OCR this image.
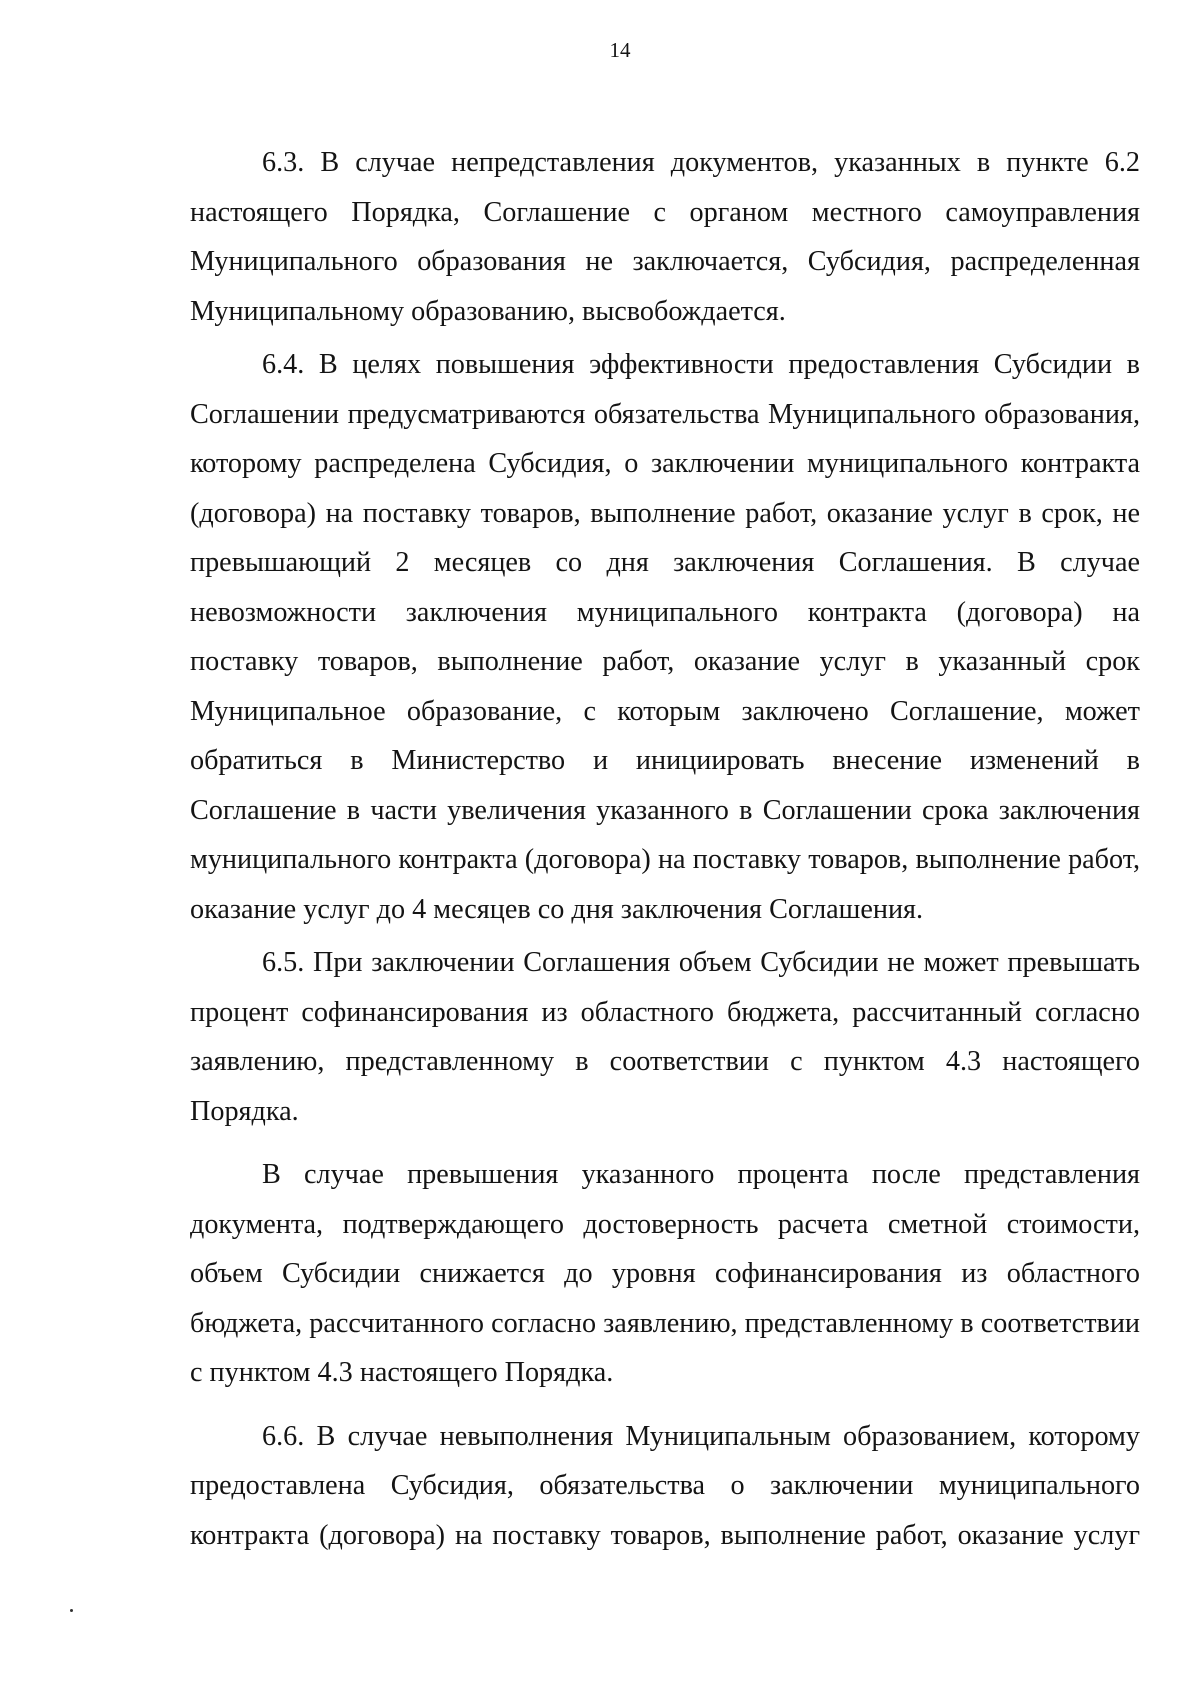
14

6.3. В случае непредставления документов, указанных в пункте 6.2 настоящего Порядка, Соглашение с органом местного самоуправления Муниципального образования не заключается, Субсидия, распределенная Муниципальному образованию, высвобождается.

6.4. В целях повышения эффективности предоставления Субсидии в Соглашении предусматриваются обязательства Муниципального образования, которому распределена Субсидия, о заключении муниципального контракта (договора) на поставку товаров, выполнение работ, оказание услуг в срок, не превышающий 2 месяцев со дня заключения Соглашения. В случае невозможности заключения муниципального контракта (договора) на поставку товаров, выполнение работ, оказание услуг в указанный срок Муниципальное образование, с которым заключено Соглашение, может обратиться в Министерство и инициировать внесение изменений в Соглашение в части увеличения указанного в Соглашении срока заключения муниципального контракта (договора) на поставку товаров, выполнение работ, оказание услуг до 4 месяцев со дня заключения Соглашения.

6.5. При заключении Соглашения объем Субсидии не может превышать процент софинансирования из областного бюджета, рассчитанный согласно заявлению, представленному в соответствии с пунктом 4.3 настоящего Порядка.

В случае превышения указанного процента после представления документа, подтверждающего достоверность расчета сметной стоимости, объем Субсидии снижается до уровня софинансирования из областного бюджета, рассчитанного согласно заявлению, представленному в соответствии с пунктом 4.3 настоящего Порядка.

6.6. В случае невыполнения Муниципальным образованием, которому предоставлена Субсидия, обязательства о заключении муниципального контракта (договора) на поставку товаров, выполнение работ, оказание услуг
